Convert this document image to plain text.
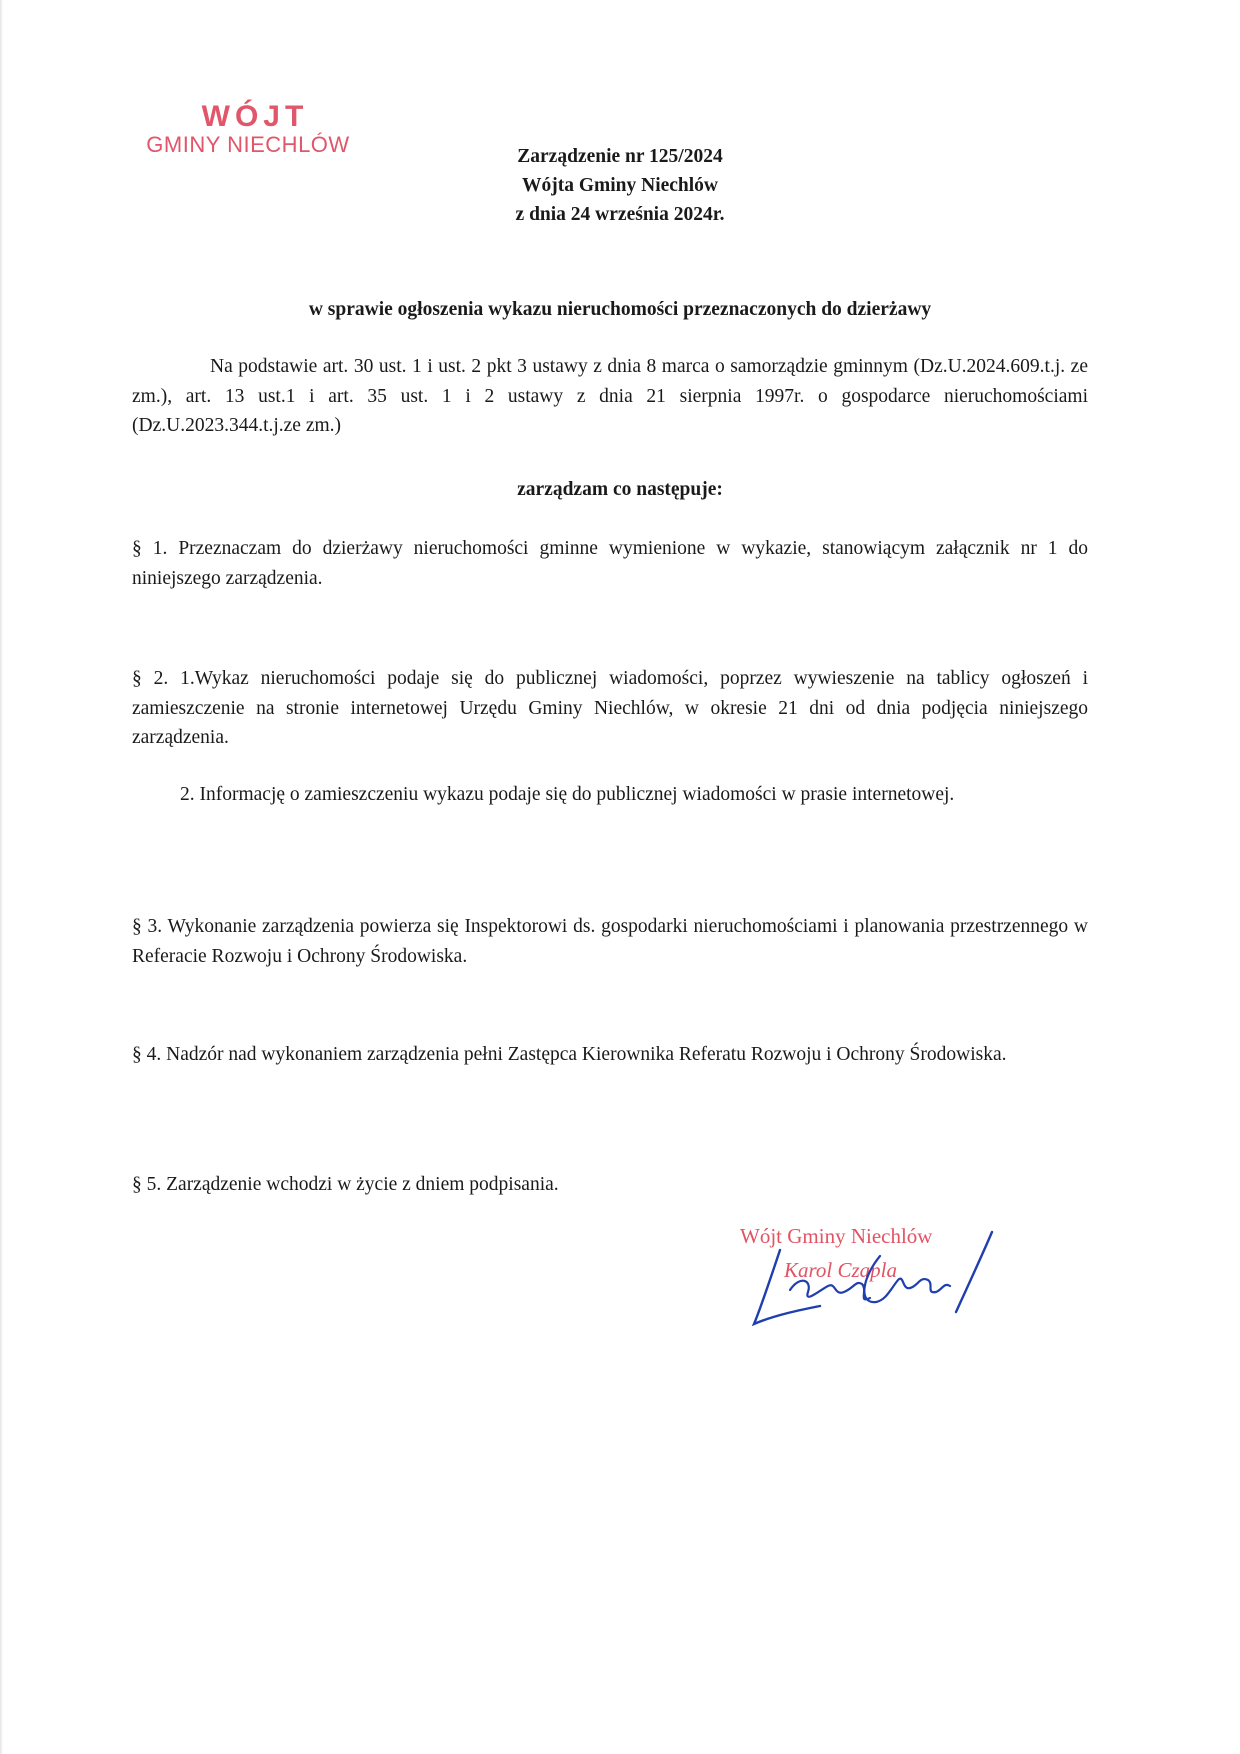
WÓJT
GMINY NIECHLÓW	Zarządzenie nr 125/2024
Wójta Gminy Niechlów
z dnia 24 września 2024r.
w sprawie ogłoszenia wykazu nieruchomości przeznaczonych do dzierżawy
Na podstawie art. 30 ust. 1 i ust. 2 pkt 3 ustawy z dnia 8 marca o samorządzie gminnym (Dz.U.2024.609.t.j. ze zm.), art. 13 ust.1 i art. 35 ust. 1 i 2 ustawy z dnia 21 sierpnia 1997r. o gospodarce nieruchomościami (Dz.U.2023.344.t.j.ze zm.)
zarządzam co następuje:
§ 1. Przeznaczam do dzierżawy nieruchomości gminne wymienione w wykazie, stanowiącym załącznik nr 1 do niniejszego zarządzenia.
§ 2. 1.Wykaz nieruchomości podaje się do publicznej wiadomości, poprzez wywieszenie na tablicy ogłoszeń i zamieszczenie na stronie internetowej Urzędu Gminy Niechlów, w okresie 21 dni od dnia podjęcia niniejszego zarządzenia.
2. Informację o zamieszczeniu wykazu podaje się do publicznej wiadomości w prasie internetowej.
§ 3. Wykonanie zarządzenia powierza się Inspektorowi ds. gospodarki nieruchomościami i planowania przestrzennego w Referacie Rozwoju i Ochrony Środowiska.
§ 4. Nadzór nad wykonaniem zarządzenia pełni Zastępca Kierownika Referatu Rozwoju i Ochrony Środowiska.
§ 5. Zarządzenie wchodzi w życie z dniem podpisania.
Wójt Gminy Niechlów
Karol Czapla
